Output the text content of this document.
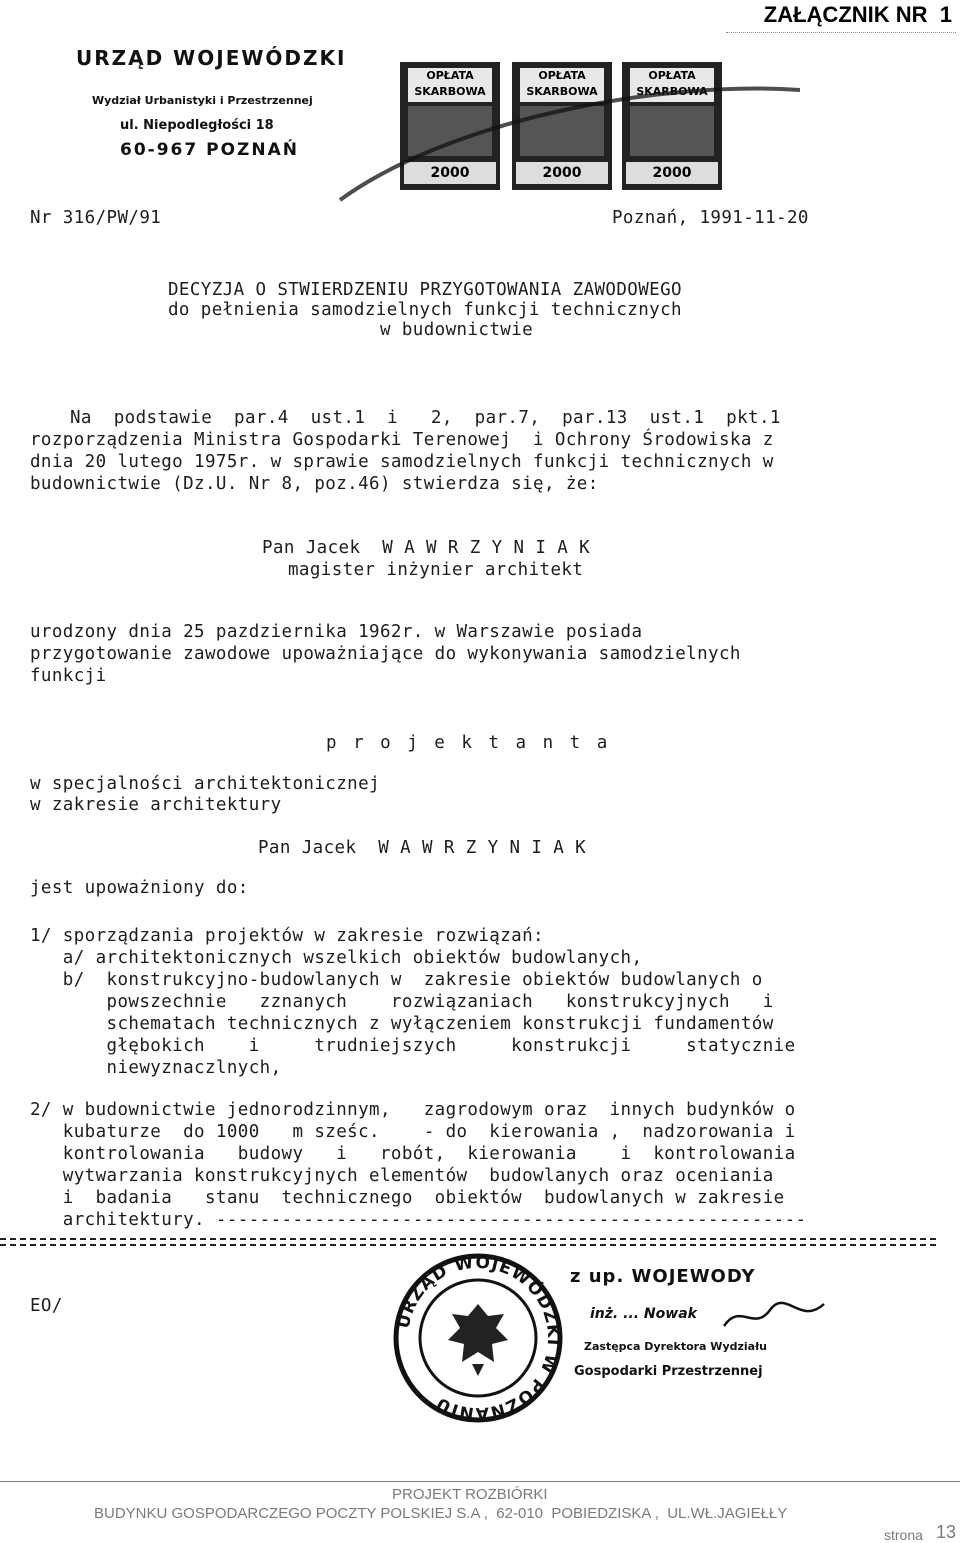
ZAŁĄCZNIK NR  1
URZĄD WOJEWÓDZKI
Wydział Urbanistyki i Przestrzennej
ul. Niepodległości 18
60-967 POZNAŃ
OPŁATA SKARBOWA
2000
OPŁATA SKARBOWA
2000
OPŁATA SKARBOWA
2000
Nr 316/PW/91	Poznań, 1991-11-20
DECYZJA O STWIERDZENIU PRZYGOTOWANIA ZAWODOWEGO
do pełnienia samodzielnych funkcji technicznych
w budownictwie
Na  podstawie  par.4  ust.1  i   2,  par.7,  par.13  ust.1  pkt.1
rozporządzenia Ministra Gospodarki Terenowej  i Ochrony Środowiska z
dnia 20 lutego 1975r. w sprawie samodzielnych funkcji technicznych w
budownictwie (Dz.U. Nr 8, poz.46) stwierdza się, że:
Pan Jacek  W A W R Z Y N I A K
magister inżynier architekt
urodzony dnia 25 pazdziernika 1962r. w Warszawie posiada
przygotowanie zawodowe upoważniające do wykonywania samodzielnych
funkcji
p r o j e k t a n t a
w specjalności architektonicznej
w zakresie architektury
Pan Jacek  W A W R Z Y N I A K
jest upoważniony do:
1/ sporządzania projektów w zakresie rozwiązań:
a/ architektonicznych wszelkich obiektów budowlanych,
b/  konstrukcyjno-budowlanych w  zakresie obiektów budowlanych o
powszechnie   zznanych    rozwiązaniach   konstrukcyjnych   i
schematach technicznych z wyłączeniem konstrukcji fundamentów
głębokich    i     trudniejszych     konstrukcji     statycznie
niewyznaczlnych,
2/ w budownictwie jednorodzinnym,   zagrodowym oraz  innych budynków o
kubaturze  do 1000   m sześc.    - do  kierowania ,  nadzorowania i
kontrolowania   budowy   i   robót,  kierowania    i  kontrolowania
wytwarzania konstrukcyjnych elementów  budowlanych oraz oceniania
i  badania   stanu  technicznego  obiektów  budowlanych w zakresie
architektury. ------------------------------------------------------
EO/
URZĄD WOJEWÓDZKI W POZNANIU
z up. WOJEWODY
inż. ... Nowak
Zastępca Dyrektora Wydziału
Gospodarki Przestrzennej
PROJEKT ROZBIÓRKI
BUDYNKU GOSPODARCZEGO POCZTY POLSKIEJ S.A ,  62-010  POBIEDZISKA ,  UL.WŁ.JAGIEŁŁY
strona 13
